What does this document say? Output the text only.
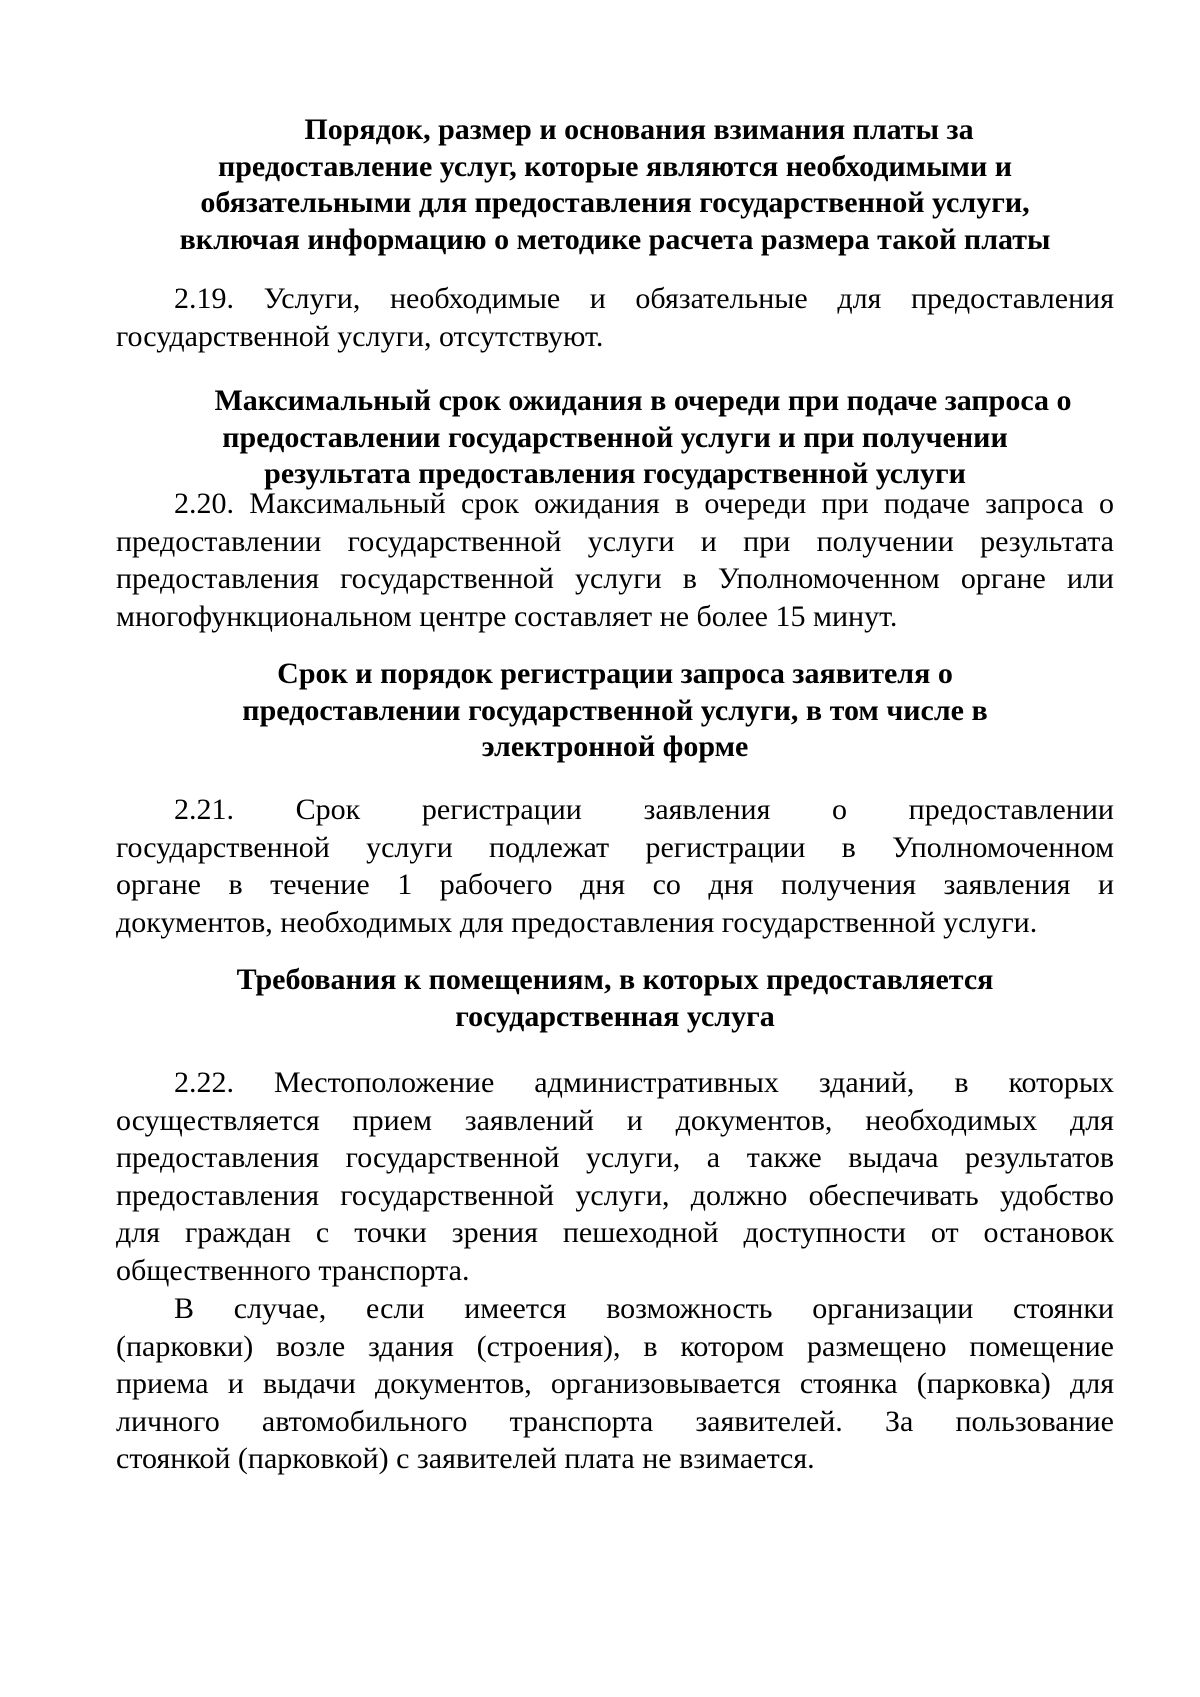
Порядок, размер и основания взимания платы за
предоставление услуг, которые являются необходимыми и
обязательными для предоставления государственной услуги,
включая информацию о методике расчета размера такой платы
2.19. Услуги, необходимые и обязательные для предоставления
государственной услуги, отсутствуют.
Максимальный срок ожидания в очереди при подаче запроса о
предоставлении государственной услуги и при получении
результата предоставления государственной услуги
2.20. Максимальный срок ожидания в очереди при подаче запроса о
предоставлении государственной услуги и при получении результата
предоставления государственной услуги в Уполномоченном органе или
многофункциональном центре составляет не более 15 минут.
Срок и порядок регистрации запроса заявителя о
предоставлении государственной услуги, в том числе в
электронной форме
2.21. Срок регистрации заявления о предоставлении
государственной услуги подлежат регистрации в Уполномоченном
органе в течение 1 рабочего дня со дня получения заявления и
документов, необходимых для предоставления государственной услуги.
Требования к помещениям, в которых предоставляется
государственная услуга
2.22. Местоположение административных зданий, в которых
осуществляется прием заявлений и документов, необходимых для
предоставления государственной услуги, а также выдача результатов
предоставления государственной услуги, должно обеспечивать удобство
для граждан с точки зрения пешеходной доступности от остановок
общественного транспорта.
В случае, если имеется возможность организации стоянки
(парковки) возле здания (строения), в котором размещено помещение
приема и выдачи документов, организовывается стоянка (парковка) для
личного автомобильного транспорта заявителей. За пользование
стоянкой (парковкой) с заявителей плата не взимается.
